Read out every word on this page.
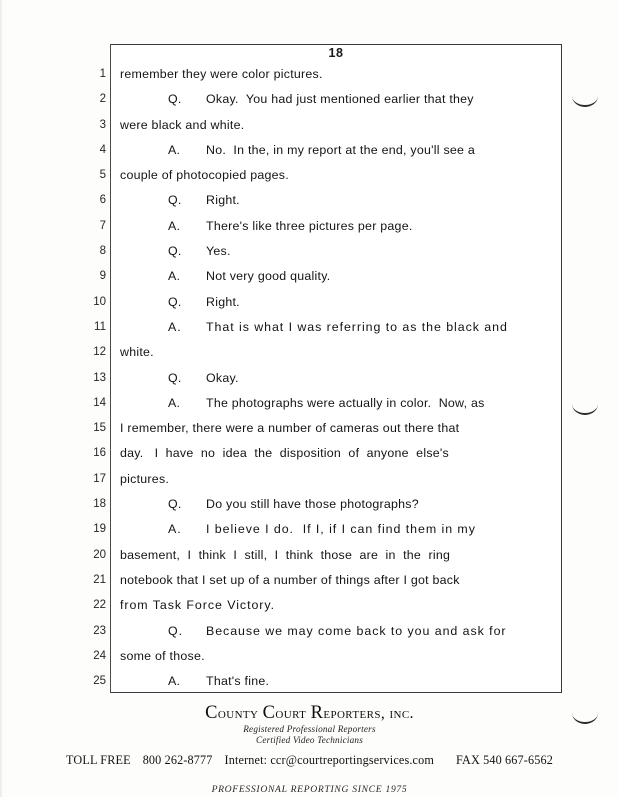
18
1
2
3
4
5
6
7
8
9
10
11
12
13
14
15
16
17
18
19
20
21
22
23
24
25
remember they were color pictures.
Q. Okay.  You had just mentioned earlier that they
were black and white.
A. No.  In the, in my report at the end, you'll see a
couple of photocopied pages.
Q. Right.
A. There's like three pictures per page.
Q. Yes.
A. Not very good quality.
Q. Right.
A. That is what I was referring to as the black and
white.
Q. Okay.
A. The photographs were actually in color.  Now, as
I remember, there were a number of cameras out there that
day.   I  have  no  idea  the  disposition  of  anyone  else's
pictures.
Q. Do you still have those photographs?
A. I believe I do.  If I, if I can find them in my
basement,  I  think  I  still,  I  think  those  are  in  the  ring
notebook that I set up of a number of things after I got back
from Task Force Victory.
Q. Because we may come back to you and ask for
some of those.
A. That's fine.
County Court Reporters, inc.
Registered Professional Reporters
Certified Video Technicians
TOLL FREE 800 262-8777 Internet: ccr@courtreportingservices.com FAX 540 667-6562
PROFESSIONAL REPORTING SINCE 1975
